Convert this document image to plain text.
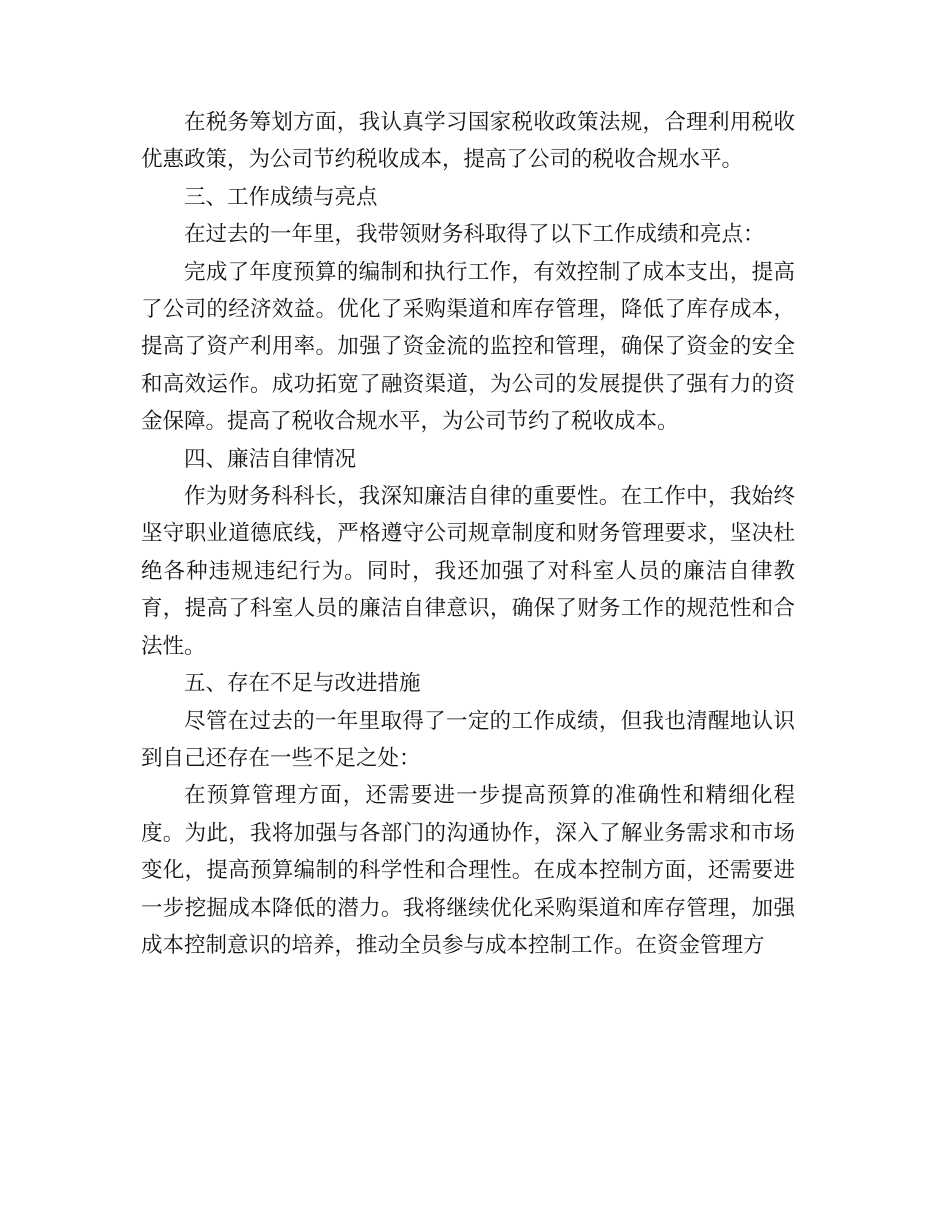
在税务筹划方面，我认真学习国家税收政策法规，合理利用税收优惠政策，为公司节约税收成本，提高了公司的税收合规水平。

三、工作成绩与亮点

在过去的一年里，我带领财务科取得了以下工作成绩和亮点：

完成了年度预算的编制和执行工作，有效控制了成本支出，提高了公司的经济效益。优化了采购渠道和库存管理，降低了库存成本，提高了资产利用率。加强了资金流的监控和管理，确保了资金的安全和高效运作。成功拓宽了融资渠道，为公司的发展提供了强有力的资金保障。提高了税收合规水平，为公司节约了税收成本。

四、廉洁自律情况

作为财务科科长，我深知廉洁自律的重要性。在工作中，我始终坚守职业道德底线，严格遵守公司规章制度和财务管理要求，坚决杜绝各种违规违纪行为。同时，我还加强了对科室人员的廉洁自律教育，提高了科室人员的廉洁自律意识，确保了财务工作的规范性和合法性。

五、存在不足与改进措施

尽管在过去的一年里取得了一定的工作成绩，但我也清醒地认识到自己还存在一些不足之处：

在预算管理方面，还需要进一步提高预算的准确性和精细化程度。为此，我将加强与各部门的沟通协作，深入了解业务需求和市场变化，提高预算编制的科学性和合理性。在成本控制方面，还需要进一步挖掘成本降低的潜力。我将继续优化采购渠道和库存管理，加强成本控制意识的培养，推动全员参与成本控制工作。在资金管理方
